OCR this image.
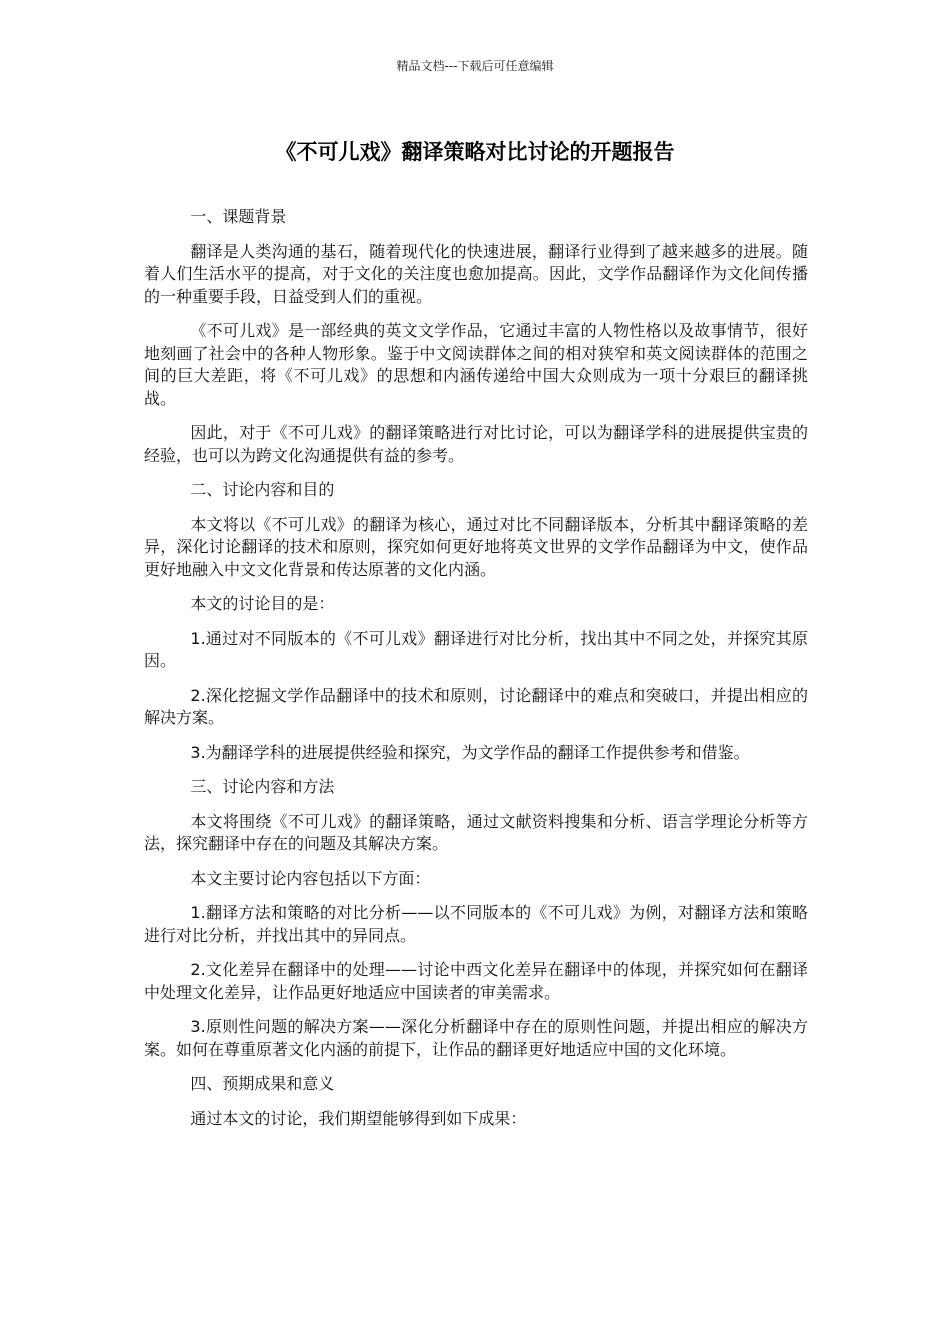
精品文档---下载后可任意编辑
《不可儿戏》翻译策略对比讨论的开题报告

一、课题背景

翻译是人类沟通的基石，随着现代化的快速进展，翻译行业得到了越来越多的进展。随着人们生活水平的提高，对于文化的关注度也愈加提高。因此，文学作品翻译作为文化间传播的一种重要手段，日益受到人们的重视。

《不可儿戏》是一部经典的英文文学作品，它通过丰富的人物性格以及故事情节，很好地刻画了社会中的各种人物形象。鉴于中文阅读群体之间的相对狭窄和英文阅读群体的范围之间的巨大差距，将《不可儿戏》的思想和内涵传递给中国大众则成为一项十分艰巨的翻译挑战。

因此，对于《不可儿戏》的翻译策略进行对比讨论，可以为翻译学科的进展提供宝贵的经验，也可以为跨文化沟通提供有益的参考。

二、讨论内容和目的

本文将以《不可儿戏》的翻译为核心，通过对比不同翻译版本，分析其中翻译策略的差异，深化讨论翻译的技术和原则，探究如何更好地将英文世界的文学作品翻译为中文，使作品更好地融入中文文化背景和传达原著的文化内涵。

本文的讨论目的是：

1.通过对不同版本的《不可儿戏》翻译进行对比分析，找出其中不同之处，并探究其原因。

2.深化挖掘文学作品翻译中的技术和原则，讨论翻译中的难点和突破口，并提出相应的解决方案。

3.为翻译学科的进展提供经验和探究，为文学作品的翻译工作提供参考和借鉴。

三、讨论内容和方法

本文将围绕《不可儿戏》的翻译策略，通过文献资料搜集和分析、语言学理论分析等方法，探究翻译中存在的问题及其解决方案。

本文主要讨论内容包括以下方面：

1.翻译方法和策略的对比分析——以不同版本的《不可儿戏》为例，对翻译方法和策略进行对比分析，并找出其中的异同点。

2.文化差异在翻译中的处理——讨论中西文化差异在翻译中的体现，并探究如何在翻译中处理文化差异，让作品更好地适应中国读者的审美需求。

3.原则性问题的解决方案——深化分析翻译中存在的原则性问题，并提出相应的解决方案。如何在尊重原著文化内涵的前提下，让作品的翻译更好地适应中国的文化环境。

四、预期成果和意义

通过本文的讨论，我们期望能够得到如下成果：
